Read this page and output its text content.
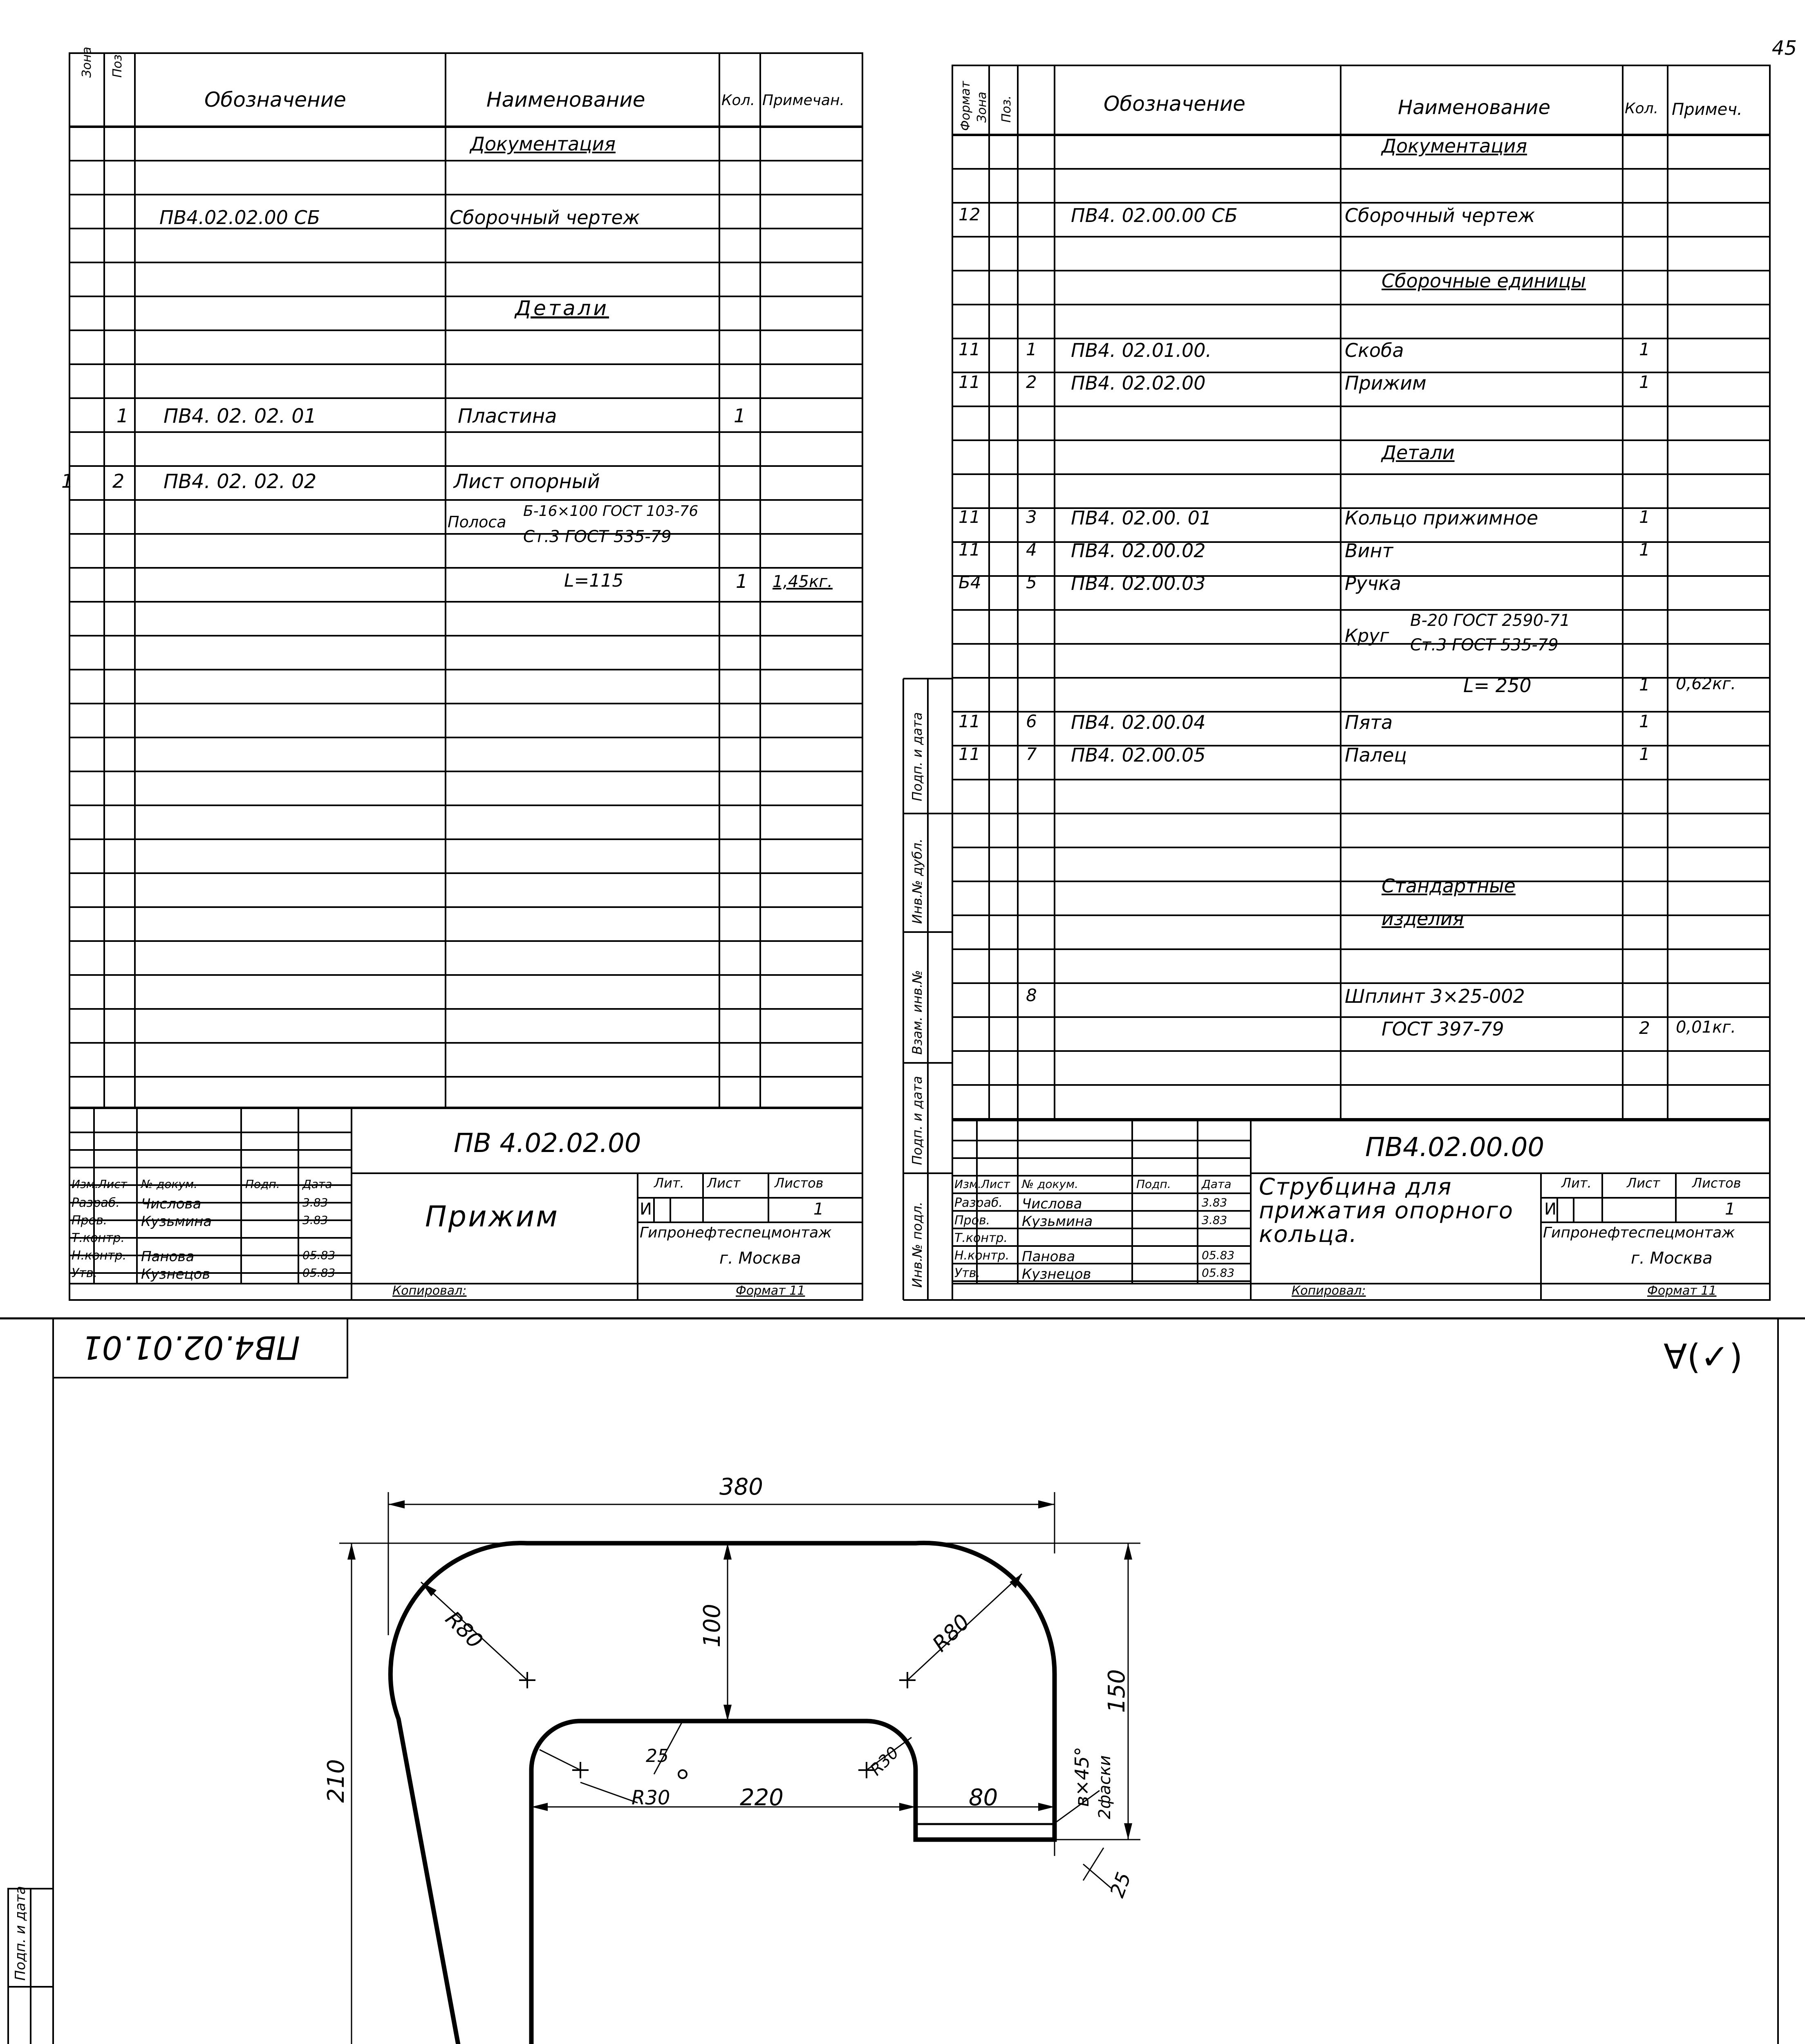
45
Зона Поз.
Обозначение	Наименование	Кол. Примечан.
Документация
ПВ4.02.02.00 СБ	Сборочный чертеж
Детали
1 ПВ4. 02. 02. 01	Пластина	1
1 2 ПВ4. 02. 02. 02	Лист опорный
Полоса
Б-16×100 ГОСТ 103-76
Ст.3 ГОСТ 535-79
L=115	1 1,45кг.
ПВ 4.02.02.00
Прижим
Лит. Лист	Листов
И	1
Гипронефтеспецмонтаж
г. Москва
Изм. Лист № докум.	Подп. Дата
Разраб. Числова	3.83
Пров. Кузьмина	3.83
Т.контр.
Н.контр. Панова	05.83
Утв.	Кузнецов	05.83
Копировал:	Формат 11
Формат Зона Поз.	Обозначение	Наименование	Кол. Примеч.
Документация
12	ПВ4. 02.00.00 СБ	Сборочный чертеж
Сборочные единицы
11	1 ПВ4. 02.01.00.	Скоба	1
11	2 ПВ4. 02.02.00	Прижим	1
Детали
11	3 ПВ4. 02.00. 01	Кольцо прижимное	1
11	4 ПВ4. 02.00.02	Винт	1
Б4	5 ПВ4. 02.00.03	Ручка
Круг
В-20 ГОСТ 2590-71
Ст.3 ГОСТ 535-79
L= 250	1 0,62кг.
11	6 ПВ4. 02.00.04	Пята	1
11	7 ПВ4. 02.00.05	Палец	1
Стандартные
изделия
8	Шплинт 3×25-002
ГОСТ 397-79	2 0,01кг.
Подп. и дата
Инв.№ дубл.
Взам. инв.№
Подп. и дата
Инв.№ подл.
ПВ4.02.00.00
Струбцина для прижатия опорного кольца.
Лит.	Лист Листов
И	1
Гипронефтеспецмонтаж
г. Москва
Изм. Лист № докум.	Подп.	Дата
Разраб. Числова	3.83
Пров. Кузьмина	3.83
Т.контр.
Н.контр. Панова	05.83
Утв.	Кузнецов	05.83
Копировал:	Формат 11
ПВ4.02.01.01	∀(✓)
380
210
150
100
R80	R80
R30
R30
220	80
25	в×45° 2фаски
25
Подп. и дата
